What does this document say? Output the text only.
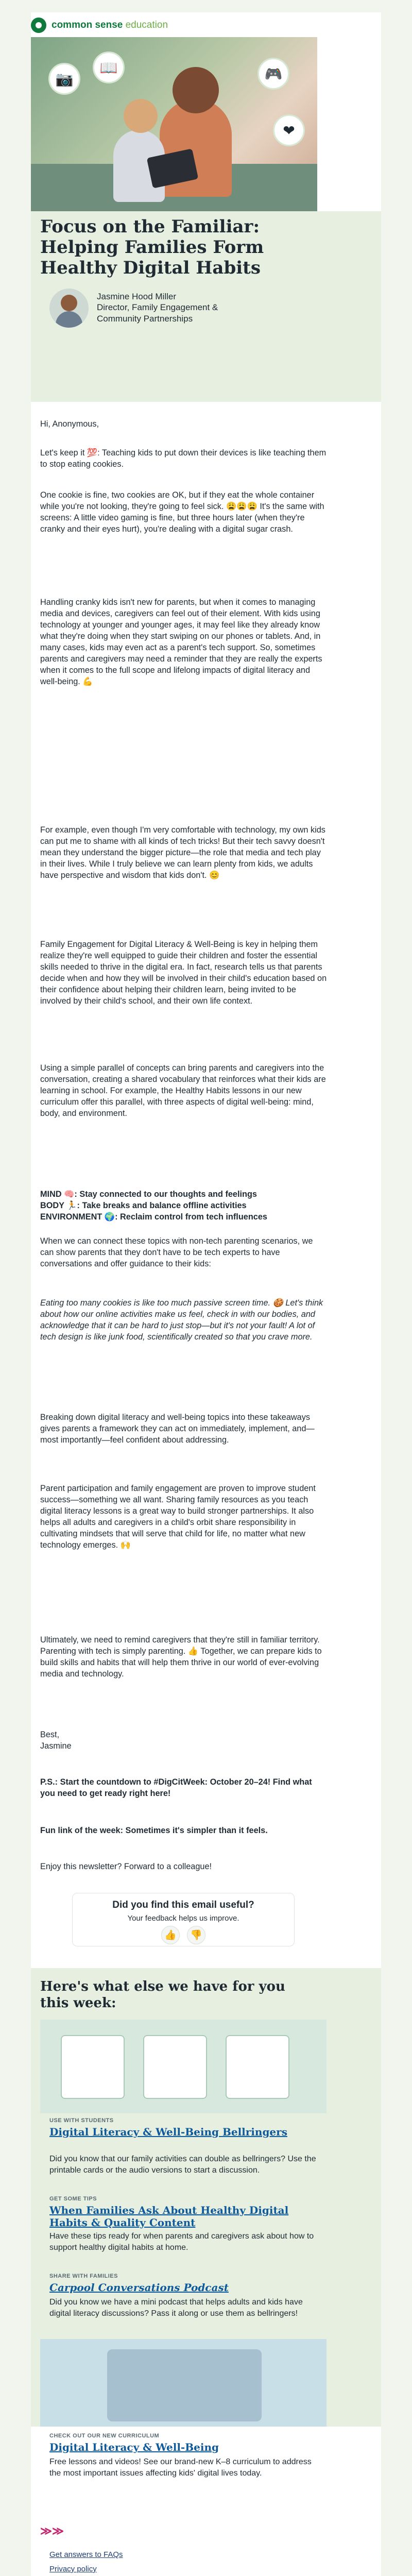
common sense education
📷
📖	🎮
❤
Focus on the Familiar: Helping Families Form Healthy Digital Habits
Jasmine Hood Miller
Director, Family Engagement & Community Partnerships
Hi, Anonymous,

Let's keep it 💯: Teaching kids to put down their devices is like teaching them to stop eating cookies.

One cookie is fine, two cookies are OK, but if they eat the whole container while you're not looking, they're going to feel sick. 😩😩😩 It's the same with screens: A little video gaming is fine, but three hours later (when they're cranky and their eyes hurt), you're dealing with a digital sugar crash.

Handling cranky kids isn't new for parents, but when it comes to managing media and devices, caregivers can feel out of their element. With kids using technology at younger and younger ages, it may feel like they already know what they're doing when they start swiping on our phones or tablets. And, in many cases, kids may even act as a parent's tech support. So, sometimes parents and caregivers may need a reminder that they are really the experts when it comes to the full scope and lifelong impacts of digital literacy and well-being. 💪

For example, even though I'm very comfortable with technology, my own kids can put me to shame with all kinds of tech tricks! But their tech savvy doesn't mean they understand the bigger picture—the role that media and tech play in their lives. While I truly believe we can learn plenty from kids, we adults have perspective and wisdom that kids don't. 😊

Family Engagement for Digital Literacy & Well-Being is key in helping them realize they're well equipped to guide their children and foster the essential skills needed to thrive in the digital era. In fact, research tells us that parents decide when and how they will be involved in their child's education based on their confidence about helping their children learn, being invited to be involved by their child's school, and their own life context.

Using a simple parallel of concepts can bring parents and caregivers into the conversation, creating a shared vocabulary that reinforces what their kids are learning in school. For example, the Healthy Habits lessons in our new curriculum offer this parallel, with three aspects of digital well-being: mind, body, and environment.

MIND 🧠: Stay connected to our thoughts and feelings
BODY 🏃: Take breaks and balance offline activities
ENVIRONMENT 🌍: Reclaim control from tech influences

When we can connect these topics with non-tech parenting scenarios, we can show parents that they don't have to be tech experts to have conversations and offer guidance to their kids:

Eating too many cookies is like too much passive screen time. 🍪 Let's think about how our online activities make us feel, check in with our bodies, and acknowledge that it can be hard to just stop—but it's not your fault! A lot of tech design is like junk food, scientifically created so that you crave more.

Breaking down digital literacy and well-being topics into these takeaways gives parents a framework they can act on immediately, implement, and—most importantly—feel confident about addressing.

Parent participation and family engagement are proven to improve student success—something we all want. Sharing family resources as you teach digital literacy lessons is a great way to build stronger partnerships. It also helps all adults and caregivers in a child's orbit share responsibility in cultivating mindsets that will serve that child for life, no matter what new technology emerges. 🙌

Ultimately, we need to remind caregivers that they're still in familiar territory. Parenting with tech is simply parenting. 👍 Together, we can prepare kids to build skills and habits that will help them thrive in our world of ever-evolving media and technology.

Best,
Jasmine

P.S.: Start the countdown to #DigCitWeek: October 20–24! Find what you need to get ready right here!

Fun link of the week: Sometimes it's simpler than it feels.

Enjoy this newsletter? Forward to a colleague!

Did you find this email useful?
Your feedback helps us improve.
👍	👎
Here's what else we have for you this week:
USE WITH STUDENTS
Digital Literacy & Well-Being Bellringers
Did you know that our family activities can double as bellringers? Use the printable cards or the audio versions to start a discussion.
GET SOME TIPS
When Families Ask About Healthy Digital Habits & Quality Content
Have these tips ready for when parents and caregivers ask about how to support healthy digital habits at home.
SHARE WITH FAMILIES
Carpool Conversations Podcast
Did you know we have a mini podcast that helps adults and kids have digital literacy discussions? Pass it along or use them as bellringers!
CHECK OUT OUR NEW CURRICULUM
Digital Literacy & Well-Being
Free lessons and videos! See our brand-new K–8 curriculum to address the most important issues affecting kids' digital lives today.
≫≫
Get answers to FAQs
Privacy policy
